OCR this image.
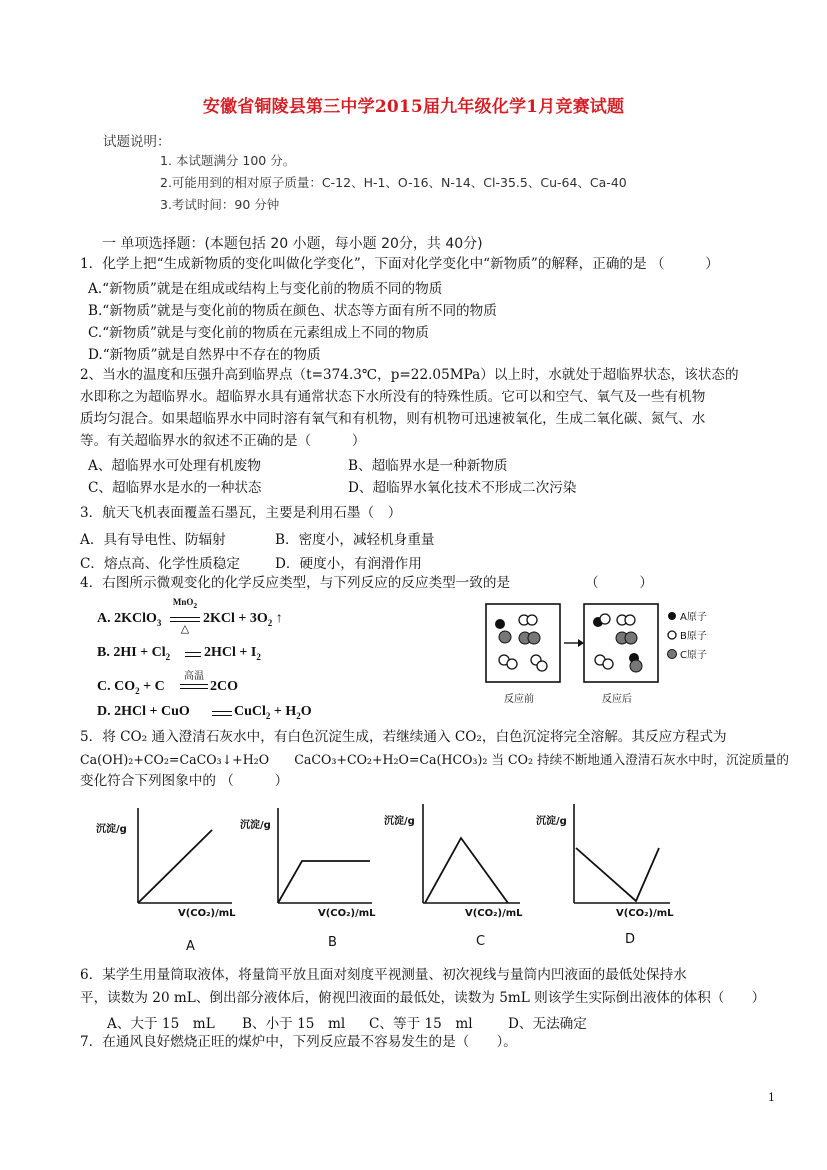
安徽省铜陵县第三中学2015届九年级化学1月竞赛试题
试题说明：
1. 本试题满分 100 分。
2.可能用到的相对原子质量：C-12、H-1、O-16、N-14、Cl-35.5、Cu-64、Ca-40
3.考试时间：90 分钟
一 单项选择题：(本题包括 20 小题，每小题 20分，共 40分)
1．化学上把“生成新物质的变化叫做化学变化”，下面对化学变化中“新物质”的解释，正确的是 （　　　）
A.“新物质”就是在组成或结构上与变化前的物质不同的物质
B.“新物质”就是与变化前的物质在颜色、状态等方面有所不同的物质
C.“新物质”就是与变化前的物质在元素组成上不同的物质
D.“新物质”就是自然界中不存在的物质
2、当水的温度和压强升高到临界点（t=374.3℃，p=22.05MPa）以上时，水就处于超临界状态，该状态的
水即称之为超临界水。超临界水具有通常状态下水所没有的特殊性质。它可以和空气、氧气及一些有机物
质均匀混合。如果超临界水中同时溶有氧气和有机物，则有机物可迅速被氧化，生成二氧化碳、氮气、水
等。有关超临界水的叙述不正确的是（　　　）
A、超临界水可处理有机废物	B、超临界水是一种新物质
C、超临界水是水的一种状态	D、超临界水氧化技术不形成二次污染
3．航天飞机表面覆盖石墨瓦，主要是利用石墨（　）
A．具有导电性、防辐射	B．密度小，减轻机身重量
C．熔点高、化学性质稳定	D．硬度小，有润滑作用
4．右图所示微观变化的化学反应类型，与下列反应的反应类型一致的是	（　　　）
A. 2KClO$_3$
MnO$_2$
△
$2KCl + 3O_2$ ↑
B. $2HI + Cl_2$ $2HCl + I_2$
C. $CO_2 + C$
高温
2CO
D. 2HCl + CuO	CuCl$_2$ + $H_2O$
A原子
B原子
C原子
反应前	反应后
5．将 CO₂ 通入澄清石灰水中，有白色沉淀生成，若继续通入 CO₂，白色沉淀将完全溶解。其反应方程式为
Ca(OH)₂+CO₂=CaCO₃↓+H₂O　　CaCO₃+CO₂+H₂O=Ca(HCO₃)₂ 当 CO₂ 持续不断地通入澄清石灰水中时，沉淀质量的
变化符合下列图象中的 （　　　）
沉淀/g
V(CO₂)/mL
A
沉淀/g
V(CO₂)/mL
B
沉淀/g
V(CO₂)/mL
C
沉淀/g
V(CO₂)/mL
D
6．某学生用量筒取液体，将量筒平放且面对刻度平视测量、初次视线与量筒内凹液面的最低处保持水
平，读数为 20 mL、倒出部分液体后，俯视凹液面的最低处，读数为 5mL 则该学生实际倒出液体的体积（　　）
A、大于 15　mL B、小于 15　ml C、等于 15　ml	D、无法确定
7．在通风良好燃烧正旺的煤炉中，下列反应最不容易发生的是（　　）。
1
